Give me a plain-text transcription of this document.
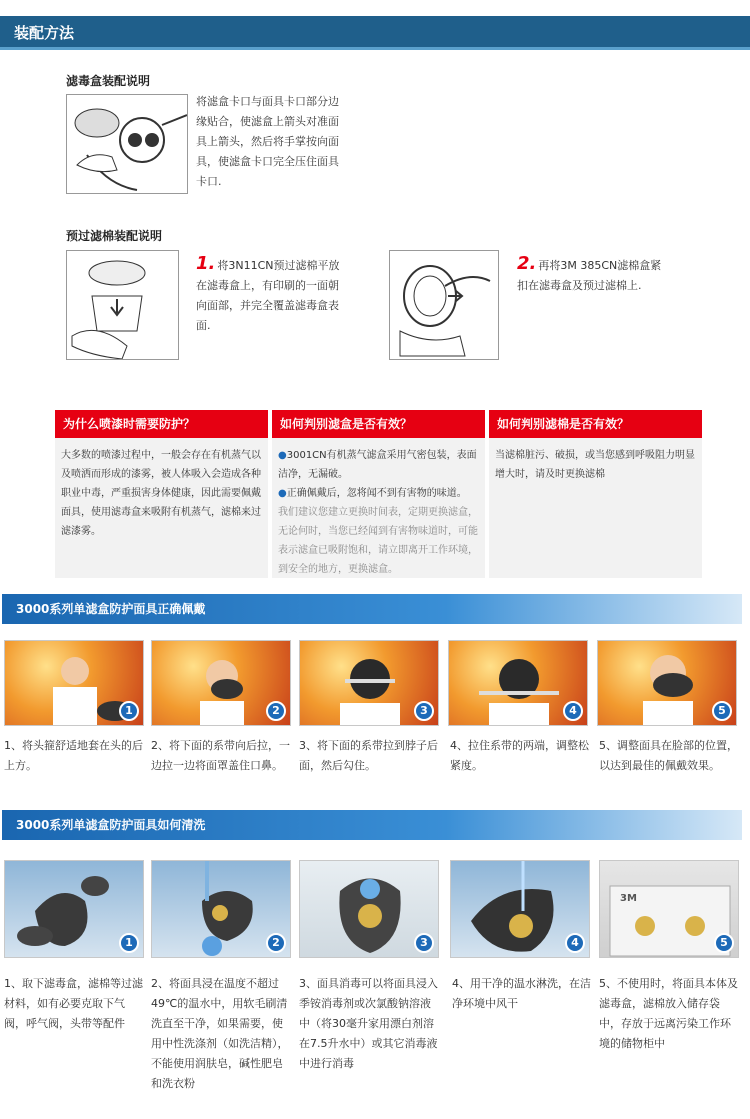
装配方法
滤毒盒装配说明
将滤盒卡口与面具卡口部分边缘贴合，使滤盒上箭头对准面具上箭头，然后将手掌按向面具，使滤盒卡口完全压住面具卡口.
预过滤棉装配说明
1. 将3N11CN预过滤棉平放在滤毒盒上，有印刷的一面朝向面部，并完全覆盖滤毒盒表面.
2. 再将3M 385CN滤棉盒紧扣在滤毒盒及预过滤棉上.
为什么喷漆时需要防护？
大多数的喷漆过程中，一般会存在有机蒸气以及喷洒而形成的漆雾，被人体吸入会造成各种职业中毒，严重损害身体健康，因此需要佩戴面具，使用滤毒盒来吸附有机蒸气，滤棉来过滤漆雾。
如何判别滤盒是否有效？
●3001CN有机蒸气滤盒采用气密包装，表面洁净，无漏破。
●正确佩戴后，忽将闻不到有害物的味道。
我们建议您建立更换时间表，定期更换滤盒，无论何时，当您已经闻到有害物味道时，可能表示滤盒已吸附饱和，请立即离开工作环境，到安全的地方，更换滤盒。
如何判别滤棉是否有效？
当滤棉脏污、破损，或当您感到呼吸阻力明显增大时，请及时更换滤棉
3000系列单滤盒防护面具正确佩戴
1	2	3	4	5
1、将头箍舒适地套在头的后上方。
2、将下面的系带向后拉，一边拉一边将面罩盖住口鼻。
3、将下面的系带拉到脖子后面，然后勾住。
4、拉住系带的两端，调整松紧度。
5、调整面具在脸部的位置，以达到最佳的佩戴效果。
3000系列单滤盒防护面具如何清洗
1	2	3	4
3M
5
1、取下滤毒盒，滤棉等过滤材料，如有必要克取下气阀，呼气阀，头带等配件
2、将面具浸在温度不超过49℃的温水中，用软毛刷清洗直至干净，如果需要，使用中性洗涤剂（如洗洁精），不能使用润肤皂，碱性肥皂和洗衣粉
3、面具消毒可以将面具浸入季铵消毒剂或次氯酸钠溶液中（将30毫升家用漂白剂溶在7.5升水中）或其它消毒液中进行消毒
4、用干净的温水淋洗，在洁净环境中风干
5、不使用时，将面具本体及滤毒盒，滤棉放入储存袋中，存放于远离污染工作环境的储物柜中
